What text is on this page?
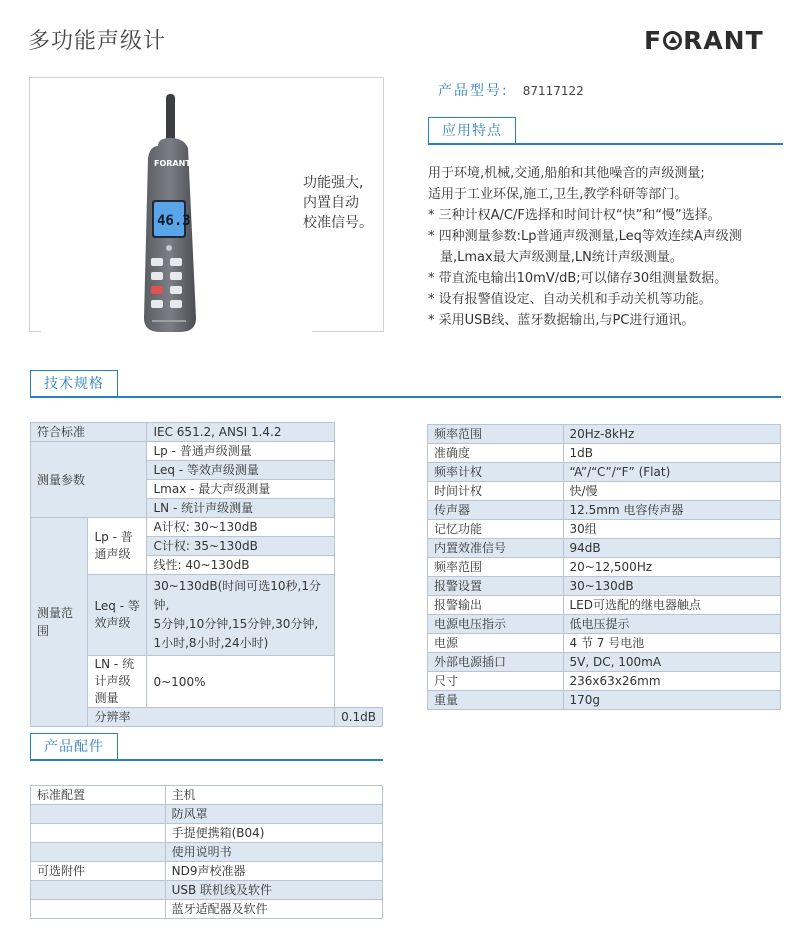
多功能声级计	F RANT
FORANT
46.3
功能强大,
内置自动
校准信号。
产品型号: 87117122
应用特点
用于环境,机械,交通,船舶和其他噪音的声级测量;
适用于工业环保,施工,卫生,教学科研等部门。
* 三种计权A/C/F选择和时间计权“快”和“慢”选择。
* 四种测量参数:Lp普通声级测量,Leq等效连续A声级测量,Lmax最大声级测量,LN统计声级测量。
* 带直流电输出10mV/dB;可以储存30组测量数据。
* 设有报警值设定、自动关机和手动关机等功能。
* 采用USB线、蓝牙数据输出,与PC进行通讯。
技术规格
符合标准		IEC 651.2, ANSI 1.4.2	
测量参数		Lp - 普通声级测量	
		Leq - 等效声级测量	
		Lmax - 最大声级测量	
		LN - 统计声级测量	
测量范围	Lp - 普通声级	A计权: 30~130dB	
		C计权: 35~130dB	
		线性: 40~130dB	
	Leq - 等效声级	30~130dB(时间可选10秒,1分钟,
5分钟,10分钟,15分钟,30分钟,
1小时,8小时,24小时)	

	LN - 统计声级测量	0~100%	
	分辨率		0.1dB
频率范围	20Hz-8kHz
准确度	1dB
频率计权	“A”/“C”/“F” (Flat)
时间计权	快/慢
传声器	12.5mm 电容传声器
记忆功能	30组
内置效准信号	94dB
频率范围	20~12,500Hz
报警设置	30~130dB
报警输出	LED可选配的继电器触点
电源电压指示	低电压提示
电源	4 节 7 号电池
外部电源插口	5V, DC, 100mA
尺寸	236x63x26mm
重量	170g
产品配件
标准配置	主机
	防风罩
	手提便携箱(B04)
	使用说明书
可选附件	ND9声校准器
	USB 联机线及软件
	蓝牙适配器及软件
